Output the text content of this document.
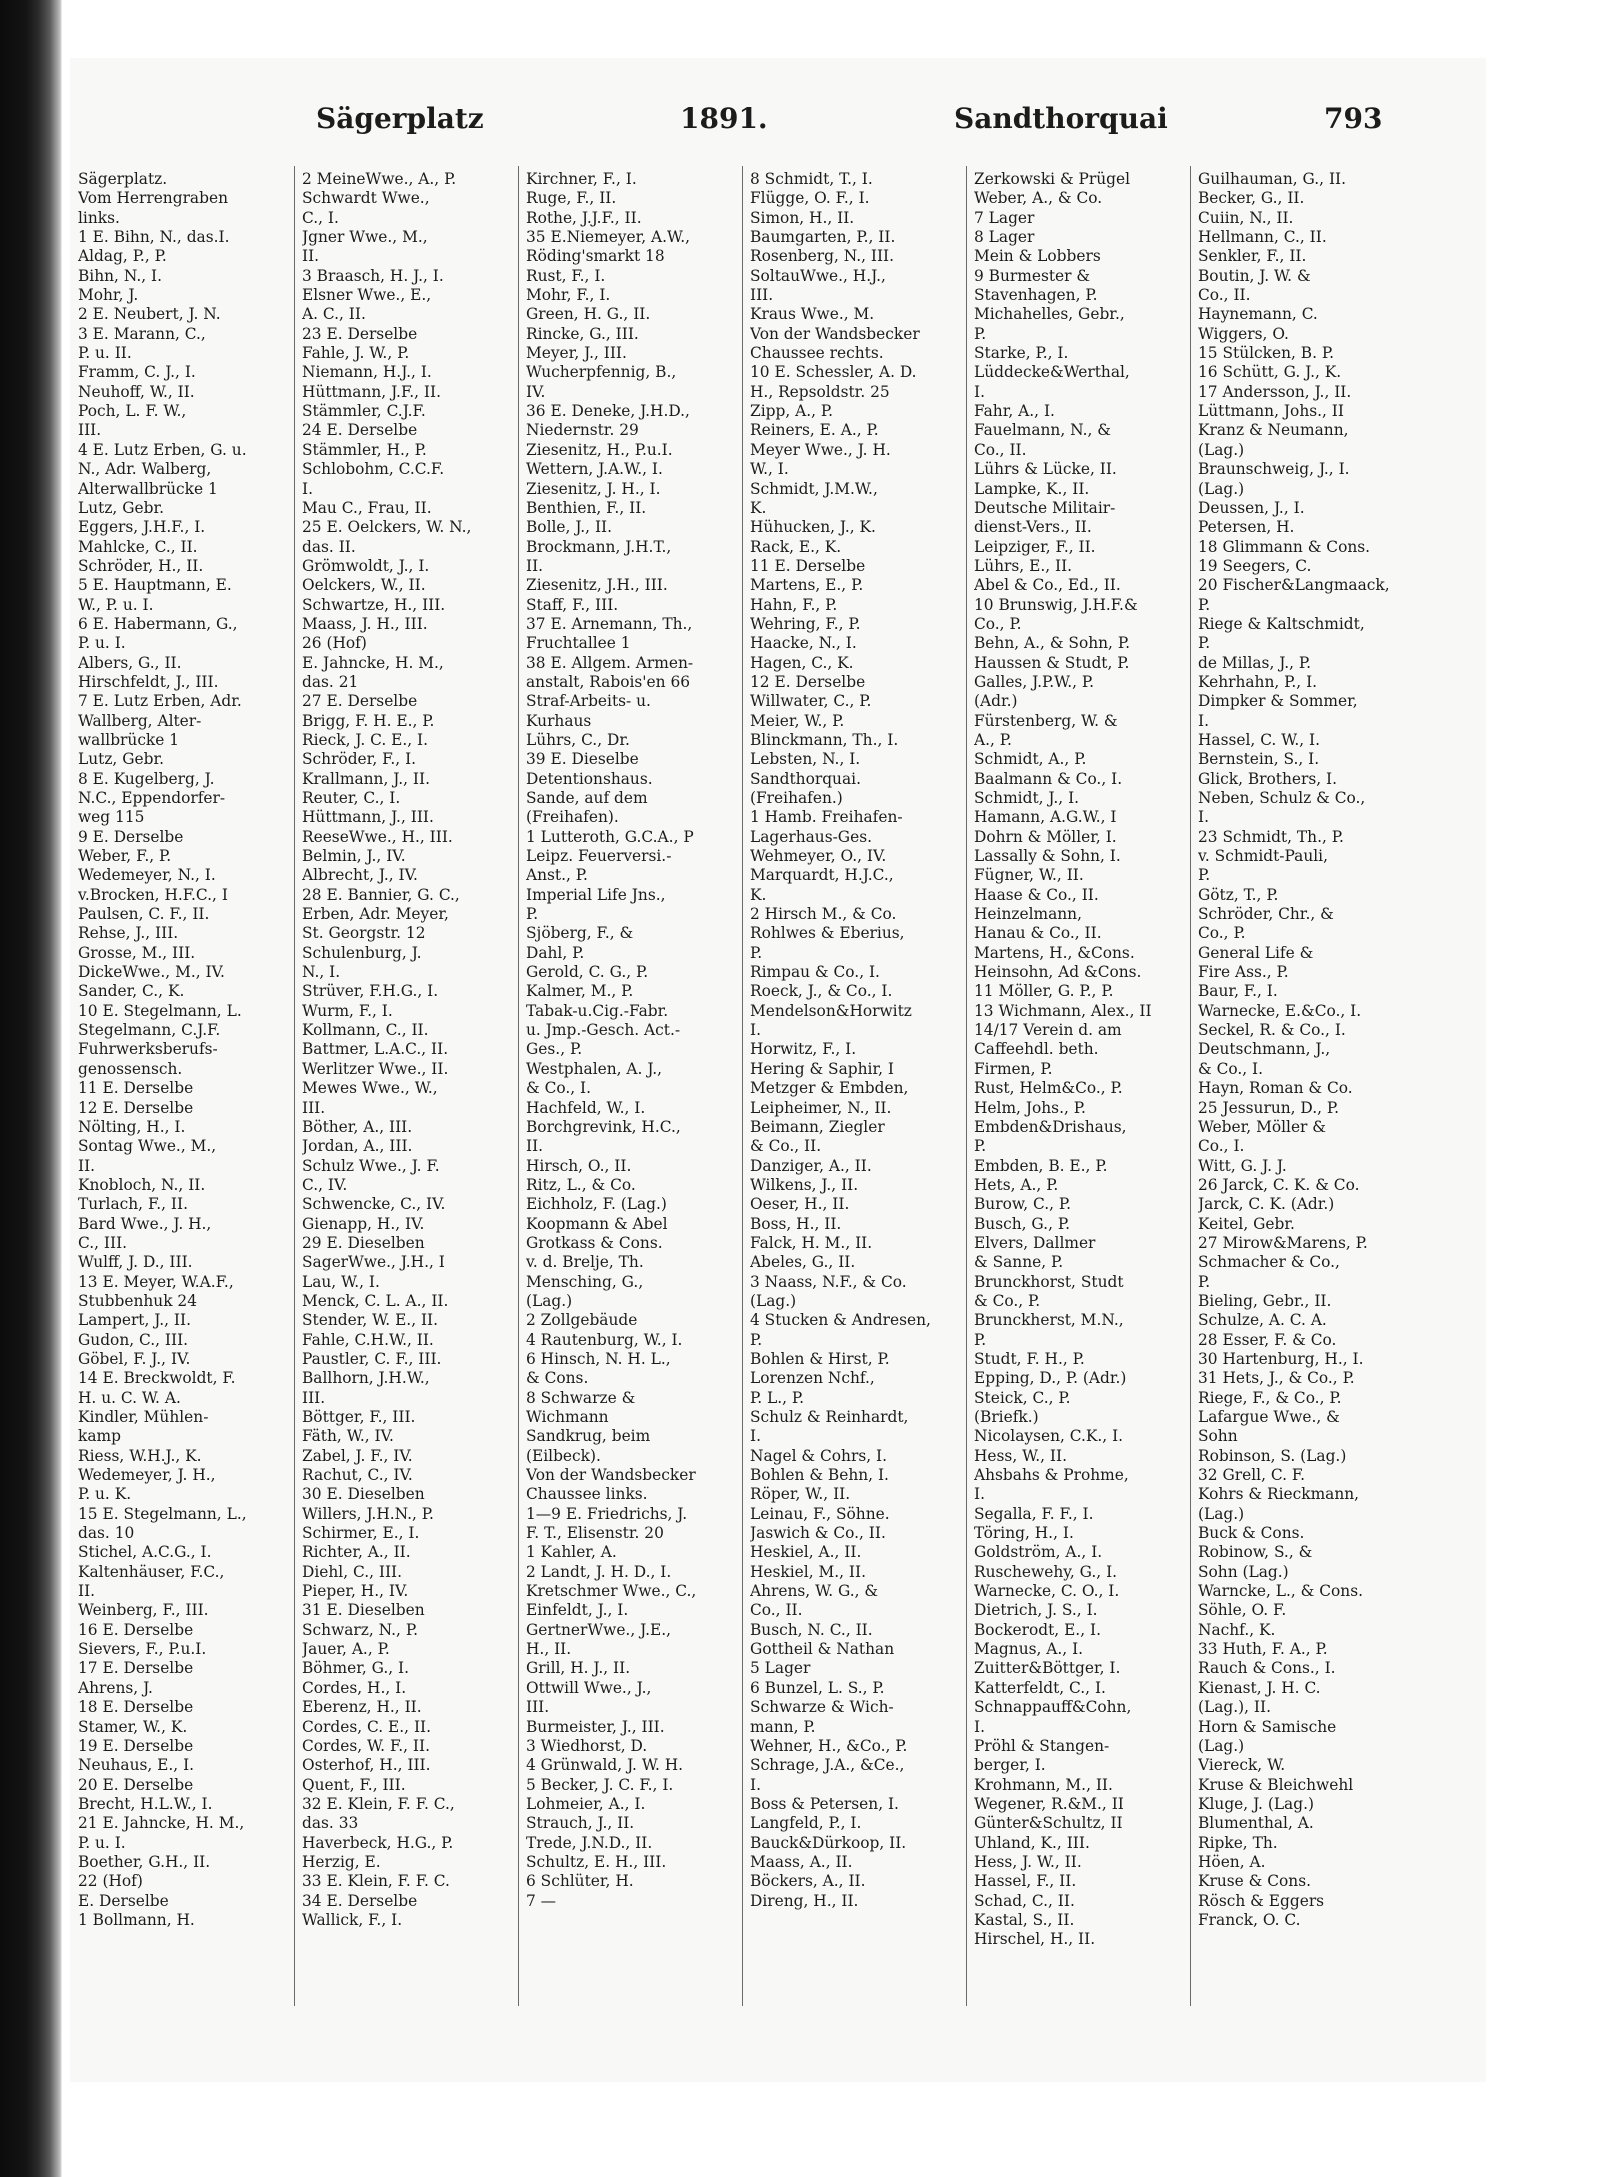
Sägerplatz	1891.	Sandthorquai	793
Sägerplatz.
Vom Herrengraben
links.
1 E. Bihn, N., das.I.
Aldag, P., P.
Bihn, N., I.
Mohr, J.
2 E. Neubert, J. N.
3 E. Marann, C.,
P. u. II.
Framm, C. J., I.
Neuhoff, W., II.
Poch, L. F. W.,
III.
4 E. Lutz Erben, G. u.
N., Adr. Walberg,
Alterwallbrücke 1
Lutz, Gebr.
Eggers, J.H.F., I.
Mahlcke, C., II.
Schröder, H., II.
5 E. Hauptmann, E.
W., P. u. I.
6 E. Habermann, G.,
P. u. I.
Albers, G., II.
Hirschfeldt, J., III.
7 E. Lutz Erben, Adr.
Wallberg, Alter-
wallbrücke 1
Lutz, Gebr.
8 E. Kugelberg, J.
N.C., Eppendorfer-
weg 115
9 E. Derselbe
Weber, F., P.
Wedemeyer, N., I.
v.Brocken, H.F.C., I
Paulsen, C. F., II.
Rehse, J., III.
Grosse, M., III.
DickeWwe., M., IV.
Sander, C., K.
10 E. Stegelmann, L.
Stegelmann, C.J.F.
Fuhrwerksberufs-
genossensch.
11 E. Derselbe
12 E. Derselbe
Nölting, H., I.
Sontag Wwe., M.,
II.
Knobloch, N., II.
Turlach, F., II.
Bard Wwe., J. H.,
C., III.
Wulff, J. D., III.
13 E. Meyer, W.A.F.,
Stubbenhuk 24
Lampert, J., II.
Gudon, C., III.
Göbel, F. J., IV.
14 E. Breckwoldt, F.
H. u. C. W. A.
Kindler, Mühlen-
kamp
Riess, W.H.J., K.
Wedemeyer, J. H.,
P. u. K.
15 E. Stegelmann, L.,
das. 10
Stichel, A.C.G., I.
Kaltenhäuser, F.C.,
II.
Weinberg, F., III.
16 E. Derselbe
Sievers, F., P.u.I.
17 E. Derselbe
Ahrens, J.
18 E. Derselbe
Stamer, W., K.
19 E. Derselbe
Neuhaus, E., I.
20 E. Derselbe
Brecht, H.L.W., I.
21 E. Jahncke, H. M.,
P. u. I.
Boether, G.H., II.
22 (Hof)
E. Derselbe
1 Bollmann, H.
2 MeineWwe., A., P.
Schwardt Wwe.,
C., I.
Jgner Wwe., M.,
II.
3 Braasch, H. J., I.
Elsner Wwe., E.,
A. C., II.
23 E. Derselbe
Fahle, J. W., P.
Niemann, H.J., I.
Hüttmann, J.F., II.
Stämmler, C.J.F.
24 E. Derselbe
Stämmler, H., P.
Schlobohm, C.C.F.
I.
Mau C., Frau, II.
25 E. Oelckers, W. N.,
das. II.
Grömwoldt, J., I.
Oelckers, W., II.
Schwartze, H., III.
Maass, J. H., III.
26 (Hof)
E. Jahncke, H. M.,
das. 21
27 E. Derselbe
Brigg, F. H. E., P.
Rieck, J. C. E., I.
Schröder, F., I.
Krallmann, J., II.
Reuter, C., I.
Hüttmann, J., III.
ReeseWwe., H., III.
Belmin, J., IV.
Albrecht, J., IV.
28 E. Bannier, G. C.,
Erben, Adr. Meyer,
St. Georgstr. 12
Schulenburg, J.
N., I.
Strüver, F.H.G., I.
Wurm, F., I.
Kollmann, C., II.
Battmer, L.A.C., II.
Werlitzer Wwe., II.
Mewes Wwe., W.,
III.
Böther, A., III.
Jordan, A., III.
Schulz Wwe., J. F.
C., IV.
Schwencke, C., IV.
Gienapp, H., IV.
29 E. Dieselben
SagerWwe., J.H., I
Lau, W., I.
Menck, C. L. A., II.
Stender, W. E., II.
Fahle, C.H.W., II.
Paustler, C. F., III.
Ballhorn, J.H.W.,
III.
Böttger, F., III.
Fäth, W., IV.
Zabel, J. F., IV.
Rachut, C., IV.
30 E. Dieselben
Willers, J.H.N., P.
Schirmer, E., I.
Richter, A., II.
Diehl, C., III.
Pieper, H., IV.
31 E. Dieselben
Schwarz, N., P.
Jauer, A., P.
Böhmer, G., I.
Cordes, H., I.
Eberenz, H., II.
Cordes, C. E., II.
Cordes, W. F., II.
Osterhof, H., III.
Quent, F., III.
32 E. Klein, F. F. C.,
das. 33
Haverbeck, H.G., P.
Herzig, E.
33 E. Klein, F. F. C.
34 E. Derselbe
Wallick, F., I.
Kirchner, F., I.
Ruge, F., II.
Rothe, J.J.F., II.
35 E.Niemeyer, A.W.,
Röding'smarkt 18
Rust, F., I.
Mohr, F., I.
Green, H. G., II.
Rincke, G., III.
Meyer, J., III.
Wucherpfennig, B.,
IV.
36 E. Deneke, J.H.D.,
Niedernstr. 29
Ziesenitz, H., P.u.I.
Wettern, J.A.W., I.
Ziesenitz, J. H., I.
Benthien, F., II.
Bolle, J., II.
Brockmann, J.H.T.,
II.
Ziesenitz, J.H., III.
Staff, F., III.
37 E. Arnemann, Th.,
Fruchtallee 1
38 E. Allgem. Armen-
anstalt, Rabois'en 66
Straf-Arbeits- u.
Kurhaus
Lührs, C., Dr.
39 E. Dieselbe
Detentionshaus.
Sande, auf dem
(Freihafen).
1 Lutteroth, G.C.A., P
Leipz. Feuerversi.-
Anst., P.
Imperial Life Jns.,
P.
Sjöberg, F., &
Dahl, P.
Gerold, C. G., P.
Kalmer, M., P.
Tabak-u.Cig.-Fabr.
u. Jmp.-Gesch. Act.-
Ges., P.
Westphalen, A. J.,
& Co., I.
Hachfeld, W., I.
Borchgrevink, H.C.,
II.
Hirsch, O., II.
Ritz, L., & Co.
Eichholz, F. (Lag.)
Koopmann & Abel
Grotkass & Cons.
v. d. Brelje, Th.
Mensching, G.,
(Lag.)
2 Zollgebäude
4 Rautenburg, W., I.
6 Hinsch, N. H. L.,
& Cons.
8 Schwarze &
Wichmann
Sandkrug, beim
(Eilbeck).
Von der Wandsbecker
Chaussee links.
1—9 E. Friedrichs, J.
F. T., Elisenstr. 20
1 Kahler, A.
2 Landt, J. H. D., I.
Kretschmer Wwe., C.,
Einfeldt, J., I.
GertnerWwe., J.E.,
H., II.
Grill, H. J., II.
Ottwill Wwe., J.,
III.
Burmeister, J., III.
3 Wiedhorst, D.
4 Grünwald, J. W. H.
5 Becker, J. C. F., I.
Lohmeier, A., I.
Strauch, J., II.
Trede, J.N.D., II.
Schultz, E. H., III.
6 Schlüter, H.
7 —
8 Schmidt, T., I.
Flügge, O. F., I.
Simon, H., II.
Baumgarten, P., II.
Rosenberg, N., III.
SoltauWwe., H.J.,
III.
Kraus Wwe., M.
Von der Wandsbecker
Chaussee rechts.
10 E. Schessler, A. D.
H., Repsoldstr. 25
Zipp, A., P.
Reiners, E. A., P.
Meyer Wwe., J. H.
W., I.
Schmidt, J.M.W.,
K.
Hühucken, J., K.
Rack, E., K.
11 E. Derselbe
Martens, E., P.
Hahn, F., P.
Wehring, F., P.
Haacke, N., I.
Hagen, C., K.
12 E. Derselbe
Willwater, C., P.
Meier, W., P.
Blinckmann, Th., I.
Lebsten, N., I.
Sandthorquai.
(Freihafen.)
1 Hamb. Freihafen-
Lagerhaus-Ges.
Wehmeyer, O., IV.
Marquardt, H.J.C.,
K.
2 Hirsch M., & Co.
Rohlwes & Eberius,
P.
Rimpau & Co., I.
Roeck, J., & Co., I.
Mendelson&Horwitz
I.
Horwitz, F., I.
Hering & Saphir, I
Metzger & Embden,
Leipheimer, N., II.
Beimann, Ziegler
& Co., II.
Danziger, A., II.
Wilkens, J., II.
Oeser, H., II.
Boss, H., II.
Falck, H. M., II.
Abeles, G., II.
3 Naass, N.F., & Co.
(Lag.)
4 Stucken & Andresen,
P.
Bohlen & Hirst, P.
Lorenzen Nchf.,
P. L., P.
Schulz & Reinhardt,
I.
Nagel & Cohrs, I.
Bohlen & Behn, I.
Röper, W., II.
Leinau, F., Söhne.
Jaswich & Co., II.
Heskiel, A., II.
Heskiel, M., II.
Ahrens, W. G., &
Co., II.
Busch, N. C., II.
Gottheil & Nathan
5 Lager
6 Bunzel, L. S., P.
Schwarze & Wich-
mann, P.
Wehner, H., &Co., P.
Schrage, J.A., &Ce.,
I.
Boss & Petersen, I.
Langfeld, P., I.
Bauck&Dürkoop, II.
Maass, A., II.
Böckers, A., II.
Direng, H., II.
Zerkowski & Prügel
Weber, A., & Co.
7 Lager
8 Lager
Mein & Lobbers
9 Burmester &
Stavenhagen, P.
Michahelles, Gebr.,
P.
Starke, P., I.
Lüddecke&Werthal,
I.
Fahr, A., I.
Fauelmann, N., &
Co., II.
Lührs & Lücke, II.
Lampke, K., II.
Deutsche Militair-
dienst-Vers., II.
Leipziger, F., II.
Lührs, E., II.
Abel & Co., Ed., II.
10 Brunswig, J.H.F.&
Co., P.
Behn, A., & Sohn, P.
Haussen & Studt, P.
Galles, J.P.W., P.
(Adr.)
Fürstenberg, W. &
A., P.
Schmidt, A., P.
Baalmann & Co., I.
Schmidt, J., I.
Hamann, A.G.W., I
Dohrn & Möller, I.
Lassally & Sohn, I.
Fügner, W., II.
Haase & Co., II.
Heinzelmann,
Hanau & Co., II.
Martens, H., &Cons.
Heinsohn, Ad &Cons.
11 Möller, G. P., P.
13 Wichmann, Alex., II
14/17 Verein d. am
Caffeehdl. beth.
Firmen, P.
Rust, Helm&Co., P.
Helm, Johs., P.
Embden&Drishaus,
P.
Embden, B. E., P.
Hets, A., P.
Burow, C., P.
Busch, G., P.
Elvers, Dallmer
& Sanne, P.
Brunckhorst, Studt
& Co., P.
Brunckherst, M.N.,
P.
Studt, F. H., P.
Epping, D., P. (Adr.)
Steick, C., P.
(Briefk.)
Nicolaysen, C.K., I.
Hess, W., II.
Ahsbahs & Prohme,
I.
Segalla, F. F., I.
Töring, H., I.
Goldström, A., I.
Ruschewehy, G., I.
Warnecke, C. O., I.
Dietrich, J. S., I.
Bockerodt, E., I.
Magnus, A., I.
Zuitter&Böttger, I.
Katterfeldt, C., I.
Schnappauff&Cohn,
I.
Pröhl & Stangen-
berger, I.
Krohmann, M., II.
Wegener, R.&M., II
Günter&Schultz, II
Uhland, K., III.
Hess, J. W., II.
Hassel, F., II.
Schad, C., II.
Kastal, S., II.
Hirschel, H., II.
Guilhauman, G., II.
Becker, G., II.
Cuiin, N., II.
Hellmann, C., II.
Senkler, F., II.
Boutin, J. W. &
Co., II.
Haynemann, C.
Wiggers, O.
15 Stülcken, B. P.
16 Schütt, G. J., K.
17 Andersson, J., II.
Lüttmann, Johs., II
Kranz & Neumann,
(Lag.)
Braunschweig, J., I.
(Lag.)
Deussen, J., I.
Petersen, H.
18 Glimmann & Cons.
19 Seegers, C.
20 Fischer&Langmaack,
P.
Riege & Kaltschmidt,
P.
de Millas, J., P.
Kehrhahn, P., I.
Dimpker & Sommer,
I.
Hassel, C. W., I.
Bernstein, S., I.
Glick, Brothers, I.
Neben, Schulz & Co.,
I.
23 Schmidt, Th., P.
v. Schmidt-Pauli,
P.
Götz, T., P.
Schröder, Chr., &
Co., P.
General Life &
Fire Ass., P.
Baur, F., I.
Warnecke, E.&Co., I.
Seckel, R. & Co., I.
Deutschmann, J.,
& Co., I.
Hayn, Roman & Co.
25 Jessurun, D., P.
Weber, Möller &
Co., I.
Witt, G. J. J.
26 Jarck, C. K. & Co.
Jarck, C. K. (Adr.)
Keitel, Gebr.
27 Mirow&Marens, P.
Schmacher & Co.,
P.
Bieling, Gebr., II.
Schulze, A. C. A.
28 Esser, F. & Co.
30 Hartenburg, H., I.
31 Hets, J., & Co., P.
Riege, F., & Co., P.
Lafargue Wwe., &
Sohn
Robinson, S. (Lag.)
32 Grell, C. F.
Kohrs & Rieckmann,
(Lag.)
Buck & Cons.
Robinow, S., &
Sohn (Lag.)
Warncke, L., & Cons.
Söhle, O. F.
Nachf., K.
33 Huth, F. A., P.
Rauch & Cons., I.
Kienast, J. H. C.
(Lag.), II.
Horn & Samische
(Lag.)
Viereck, W.
Kruse & Bleichwehl
Kluge, J. (Lag.)
Blumenthal, A.
Ripke, Th.
Höen, A.
Kruse & Cons.
Rösch & Eggers
Franck, O. C.
